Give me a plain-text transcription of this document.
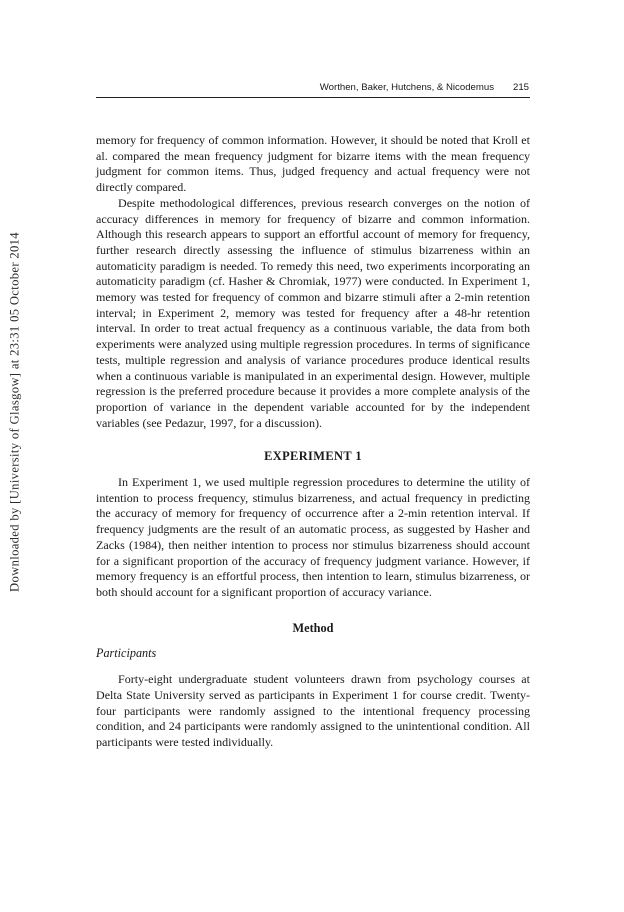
Downloaded by [University of Glasgow] at 23:31 05 October 2014
Worthen, Baker, Hutchens, & Nicodemus 215

memory for frequency of common information. However, it should be noted that Kroll et al. compared the mean frequency judgment for bizarre items with the mean frequency judgment for common items. Thus, judged frequency and actual frequency were not directly compared.

Despite methodological differences, previous research converges on the notion of accuracy differences in memory for frequency of bizarre and common information. Although this research appears to support an effortful account of memory for frequency, further research directly assessing the influence of stimulus bizarreness within an automaticity paradigm is needed. To remedy this need, two experiments incorporating an automaticity paradigm (cf. Hasher & Chromiak, 1977) were conducted. In Experiment 1, memory was tested for frequency of common and bizarre stimuli after a 2-min retention interval; in Experiment 2, memory was tested for frequency after a 48-hr retention interval. In order to treat actual frequency as a continuous variable, the data from both experiments were analyzed using multiple regression procedures. In terms of significance tests, multiple regression and analysis of variance procedures produce identical results when a continuous variable is manipulated in an experimental design. However, multiple regression is the preferred procedure because it provides a more complete analysis of the proportion of variance in the dependent variable accounted for by the independent variables (see Pedazur, 1997, for a discussion).

EXPERIMENT 1

In Experiment 1, we used multiple regression procedures to determine the utility of intention to process frequency, stimulus bizarreness, and actual frequency in predicting the accuracy of memory for frequency of occurrence after a 2-min retention interval. If frequency judgments are the result of an automatic process, as suggested by Hasher and Zacks (1984), then neither intention to process nor stimulus bizarreness should account for a significant proportion of the accuracy of frequency judgment variance. However, if memory frequency is an effortful process, then intention to learn, stimulus bizarreness, or both should account for a significant proportion of accuracy variance.

Method
Participants

Forty-eight undergraduate student volunteers drawn from psychology courses at Delta State University served as participants in Experiment 1 for course credit. Twenty-four participants were randomly assigned to the intentional frequency processing condition, and 24 participants were randomly assigned to the unintentional condition. All participants were tested individually.
